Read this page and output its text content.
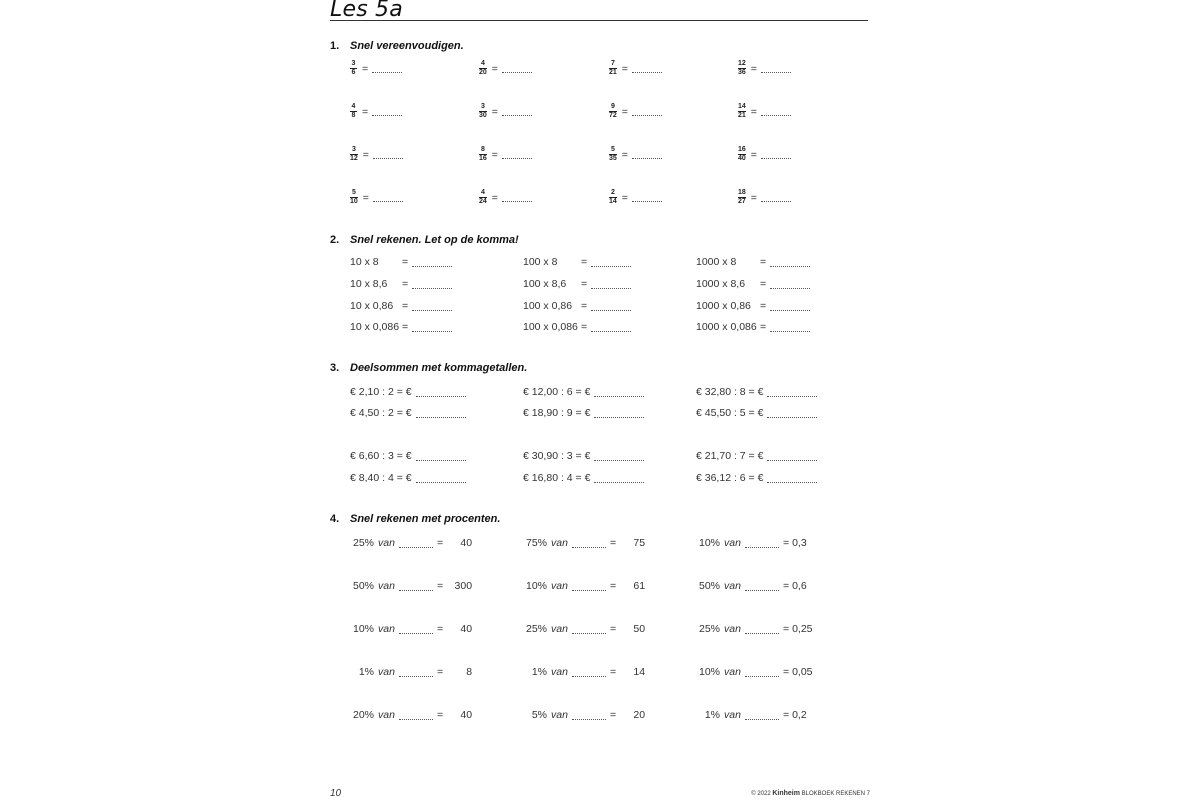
Les 5a
1. Snel vereenvoudigen.
2. Snel rekenen. Let op de komma!
3. Deelsommen met kommagetallen.
4. Snel rekenen met procenten.
$\frac{3}{6}$ =	$\frac{4}{20}$ =	$\frac{7}{21}$ =	$\frac{12}{36}$ =
$\frac{4}{8}$ =	$\frac{3}{30}$ =	$\frac{9}{72}$ =	$\frac{14}{21}$ =
$\frac{3}{12}$ =	$\frac{8}{16}$ =	$\frac{5}{35}$ =	$\frac{16}{40}$ =
$\frac{5}{10}$ =	$\frac{4}{24}$ =	$\frac{2}{14}$ =	$\frac{18}{27}$ =
10 x 8	=	100 x 8	=	1000 x 8	=
10 x 8,6	=	100 x 8,6	=	1000 x 8,6	=
10 x 0,86 =	100 x 0,86 =	1000 x 0,86 =
10 x 0,086 =	100 x 0,086 =	1000 x 0,086 =
€ 2,10 : 2 = €	€ 12,00 : 6 = €	€ 32,80 : 8 = €
€ 4,50 : 2 = €	€ 18,90 : 9 = €	€ 45,50 : 5 = €
€ 6,60 : 3 = €	€ 30,90 : 3 = €	€ 21,70 : 7 = €
€ 8,40 : 4 = €	€ 16,80 : 4 = €	€ 36,12 : 6 = €
25% van	=	40	75% van	=	75	10% van	= 0,3
50% van	=	300	10% van	=	61	50% van	= 0,6
10% van	=	40	25% van	=	50	25% van	= 0,25
1% van	=	8	1% van	=	14	10% van	= 0,05
20% van	=	40	5% van	=	20	1% van	= 0,2
10	© 2022 Kinheim BLOKBOEK REKENEN 7
